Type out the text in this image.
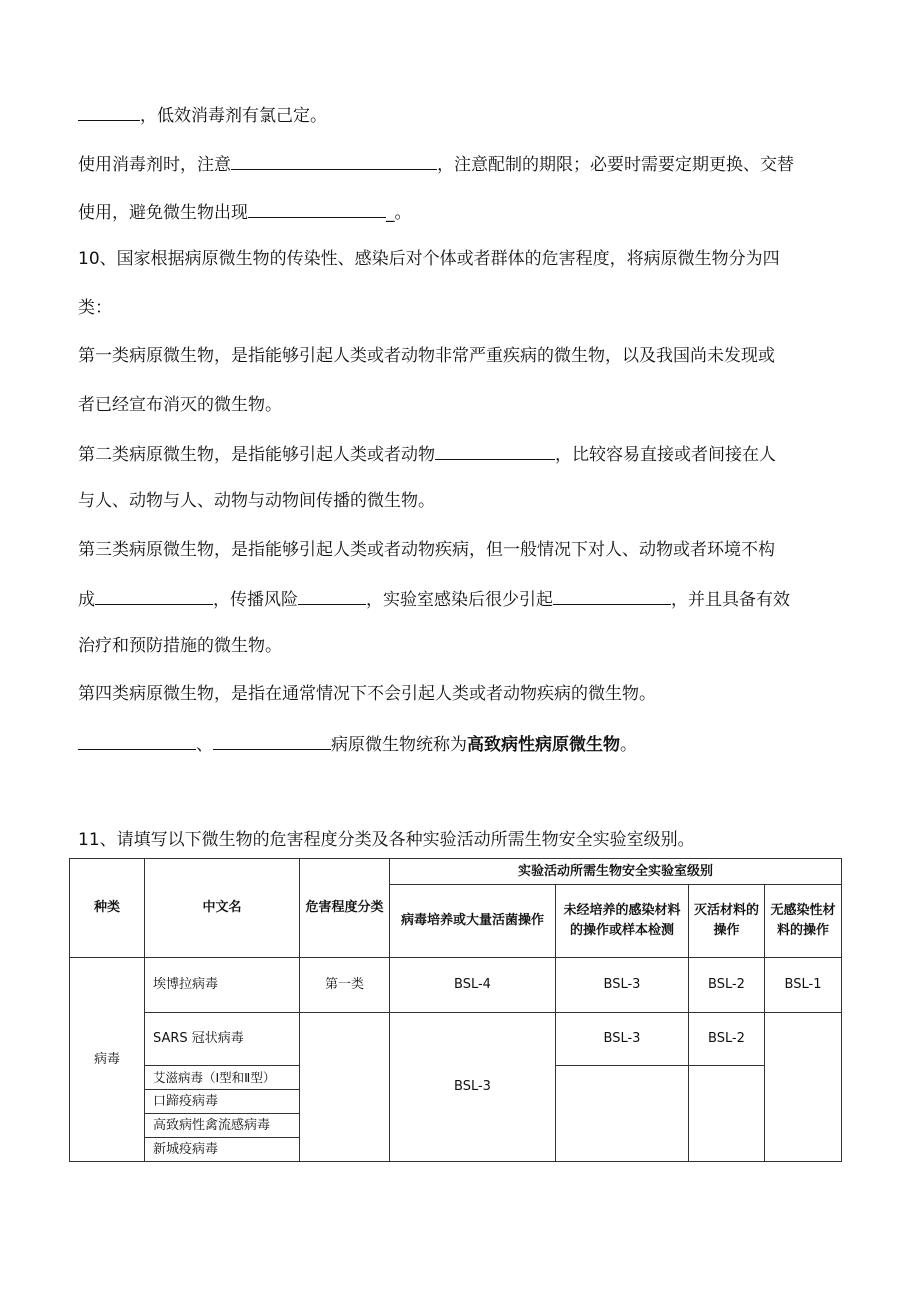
，低效消毒剂有氯己定。
使用消毒剂时，注意	，注意配制的期限；必要时需要定期更换、交替
使用，避免微生物出现	_。
10、国家根据病原微生物的传染性、感染后对个体或者群体的危害程度，将病原微生物分为四
类：
第一类病原微生物，是指能够引起人类或者动物非常严重疾病的微生物，以及我国尚未发现或
者已经宣布消灭的微生物。
第二类病原微生物，是指能够引起人类或者动物	，比较容易直接或者间接在人
与人、动物与人、动物与动物间传播的微生物。
第三类病原微生物，是指能够引起人类或者动物疾病，但一般情况下对人、动物或者环境不构
成	，传播风险	，实验室感染后很少引起	，并且具备有效
治疗和预防措施的微生物。
第四类病原微生物，是指在通常情况下不会引起人类或者动物疾病的微生物。
、	病原微生物统称为高致病性病原微生物。
11、请填写以下微生物的危害程度分类及各种实验活动所需生物安全实验室级别。
种类	中文名	危害程度分类	实验活动所需生物安全实验室级别			
			病毒培养或大量活菌操作	未经培养的感染材料的操作或样本检测	灭活材料的操作	无感染性材料的操作
病毒	埃博拉病毒	第一类	BSL-4	BSL-3	BSL-2	BSL-1
	SARS 冠状病毒		BSL-3	BSL-3	BSL-2	
	艾滋病毒（Ⅰ型和Ⅱ型）					
	口蹄疫病毒					
	高致病性禽流感病毒					
	新城疫病毒					
